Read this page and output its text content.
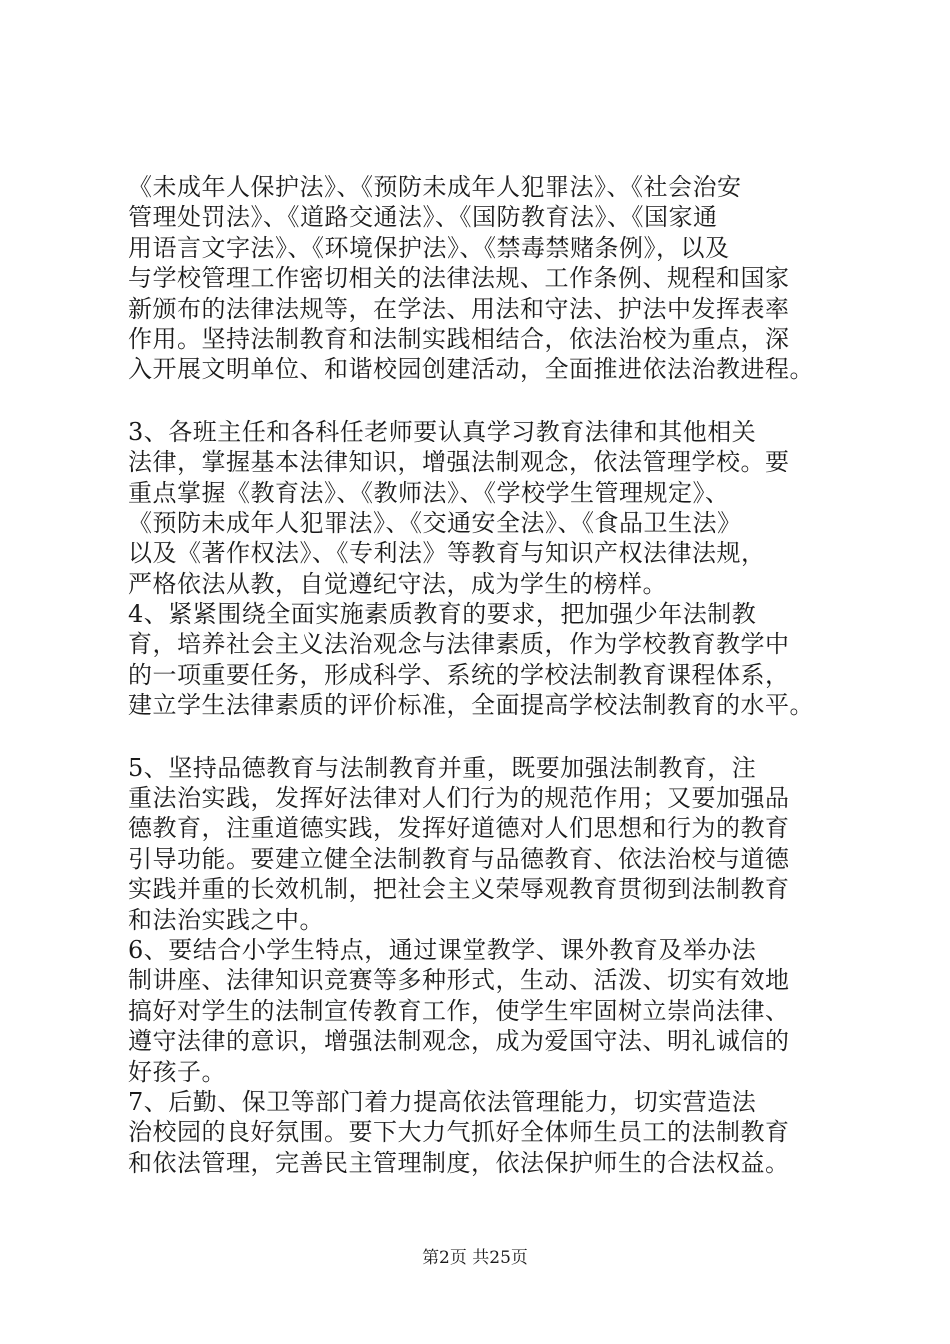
《未成年人保护法》、《预防未成年人犯罪法》、《社会治安
管理处罚法》、《道路交通法》、《国防教育法》、《国家通
用语言文字法》、《环境保护法》、《禁毒禁赌条例》，以及
与学校管理工作密切相关的法律法规、工作条例、规程和国家
新颁布的法律法规等，在学法、用法和守法、护法中发挥表率
作用。坚持法制教育和法制实践相结合，依法治校为重点，深
入开展文明单位、和谐校园创建活动，全面推进依法治教进程。
3、各班主任和各科任老师要认真学习教育法律和其他相关
法律，掌握基本法律知识，增强法制观念，依法管理学校。要
重点掌握《教育法》、《教师法》、《学校学生管理规定》、
《预防未成年人犯罪法》、《交通安全法》、《食品卫生法》
以及《著作权法》、《专利法》等教育与知识产权法律法规，
严格依法从教，自觉遵纪守法，成为学生的榜样。
4、紧紧围绕全面实施素质教育的要求，把加强少年法制教
育，培养社会主义法治观念与法律素质，作为学校教育教学中
的一项重要任务，形成科学、系统的学校法制教育课程体系，
建立学生法律素质的评价标准，全面提高学校法制教育的水平。
5、坚持品德教育与法制教育并重，既要加强法制教育，注
重法治实践，发挥好法律对人们行为的规范作用；又要加强品
德教育，注重道德实践，发挥好道德对人们思想和行为的教育
引导功能。要建立健全法制教育与品德教育、依法治校与道德
实践并重的长效机制，把社会主义荣辱观教育贯彻到法制教育
和法治实践之中。
6、要结合小学生特点，通过课堂教学、课外教育及举办法
制讲座、法律知识竞赛等多种形式，生动、活泼、切实有效地
搞好对学生的法制宣传教育工作，使学生牢固树立崇尚法律、
遵守法律的意识，增强法制观念，成为爱国守法、明礼诚信的
好孩子。
7、后勤、保卫等部门着力提高依法管理能力，切实营造法
治校园的良好氛围。要下大力气抓好全体师生员工的法制教育
和依法管理，完善民主管理制度，依法保护师生的合法权益。
第2页 共25页
